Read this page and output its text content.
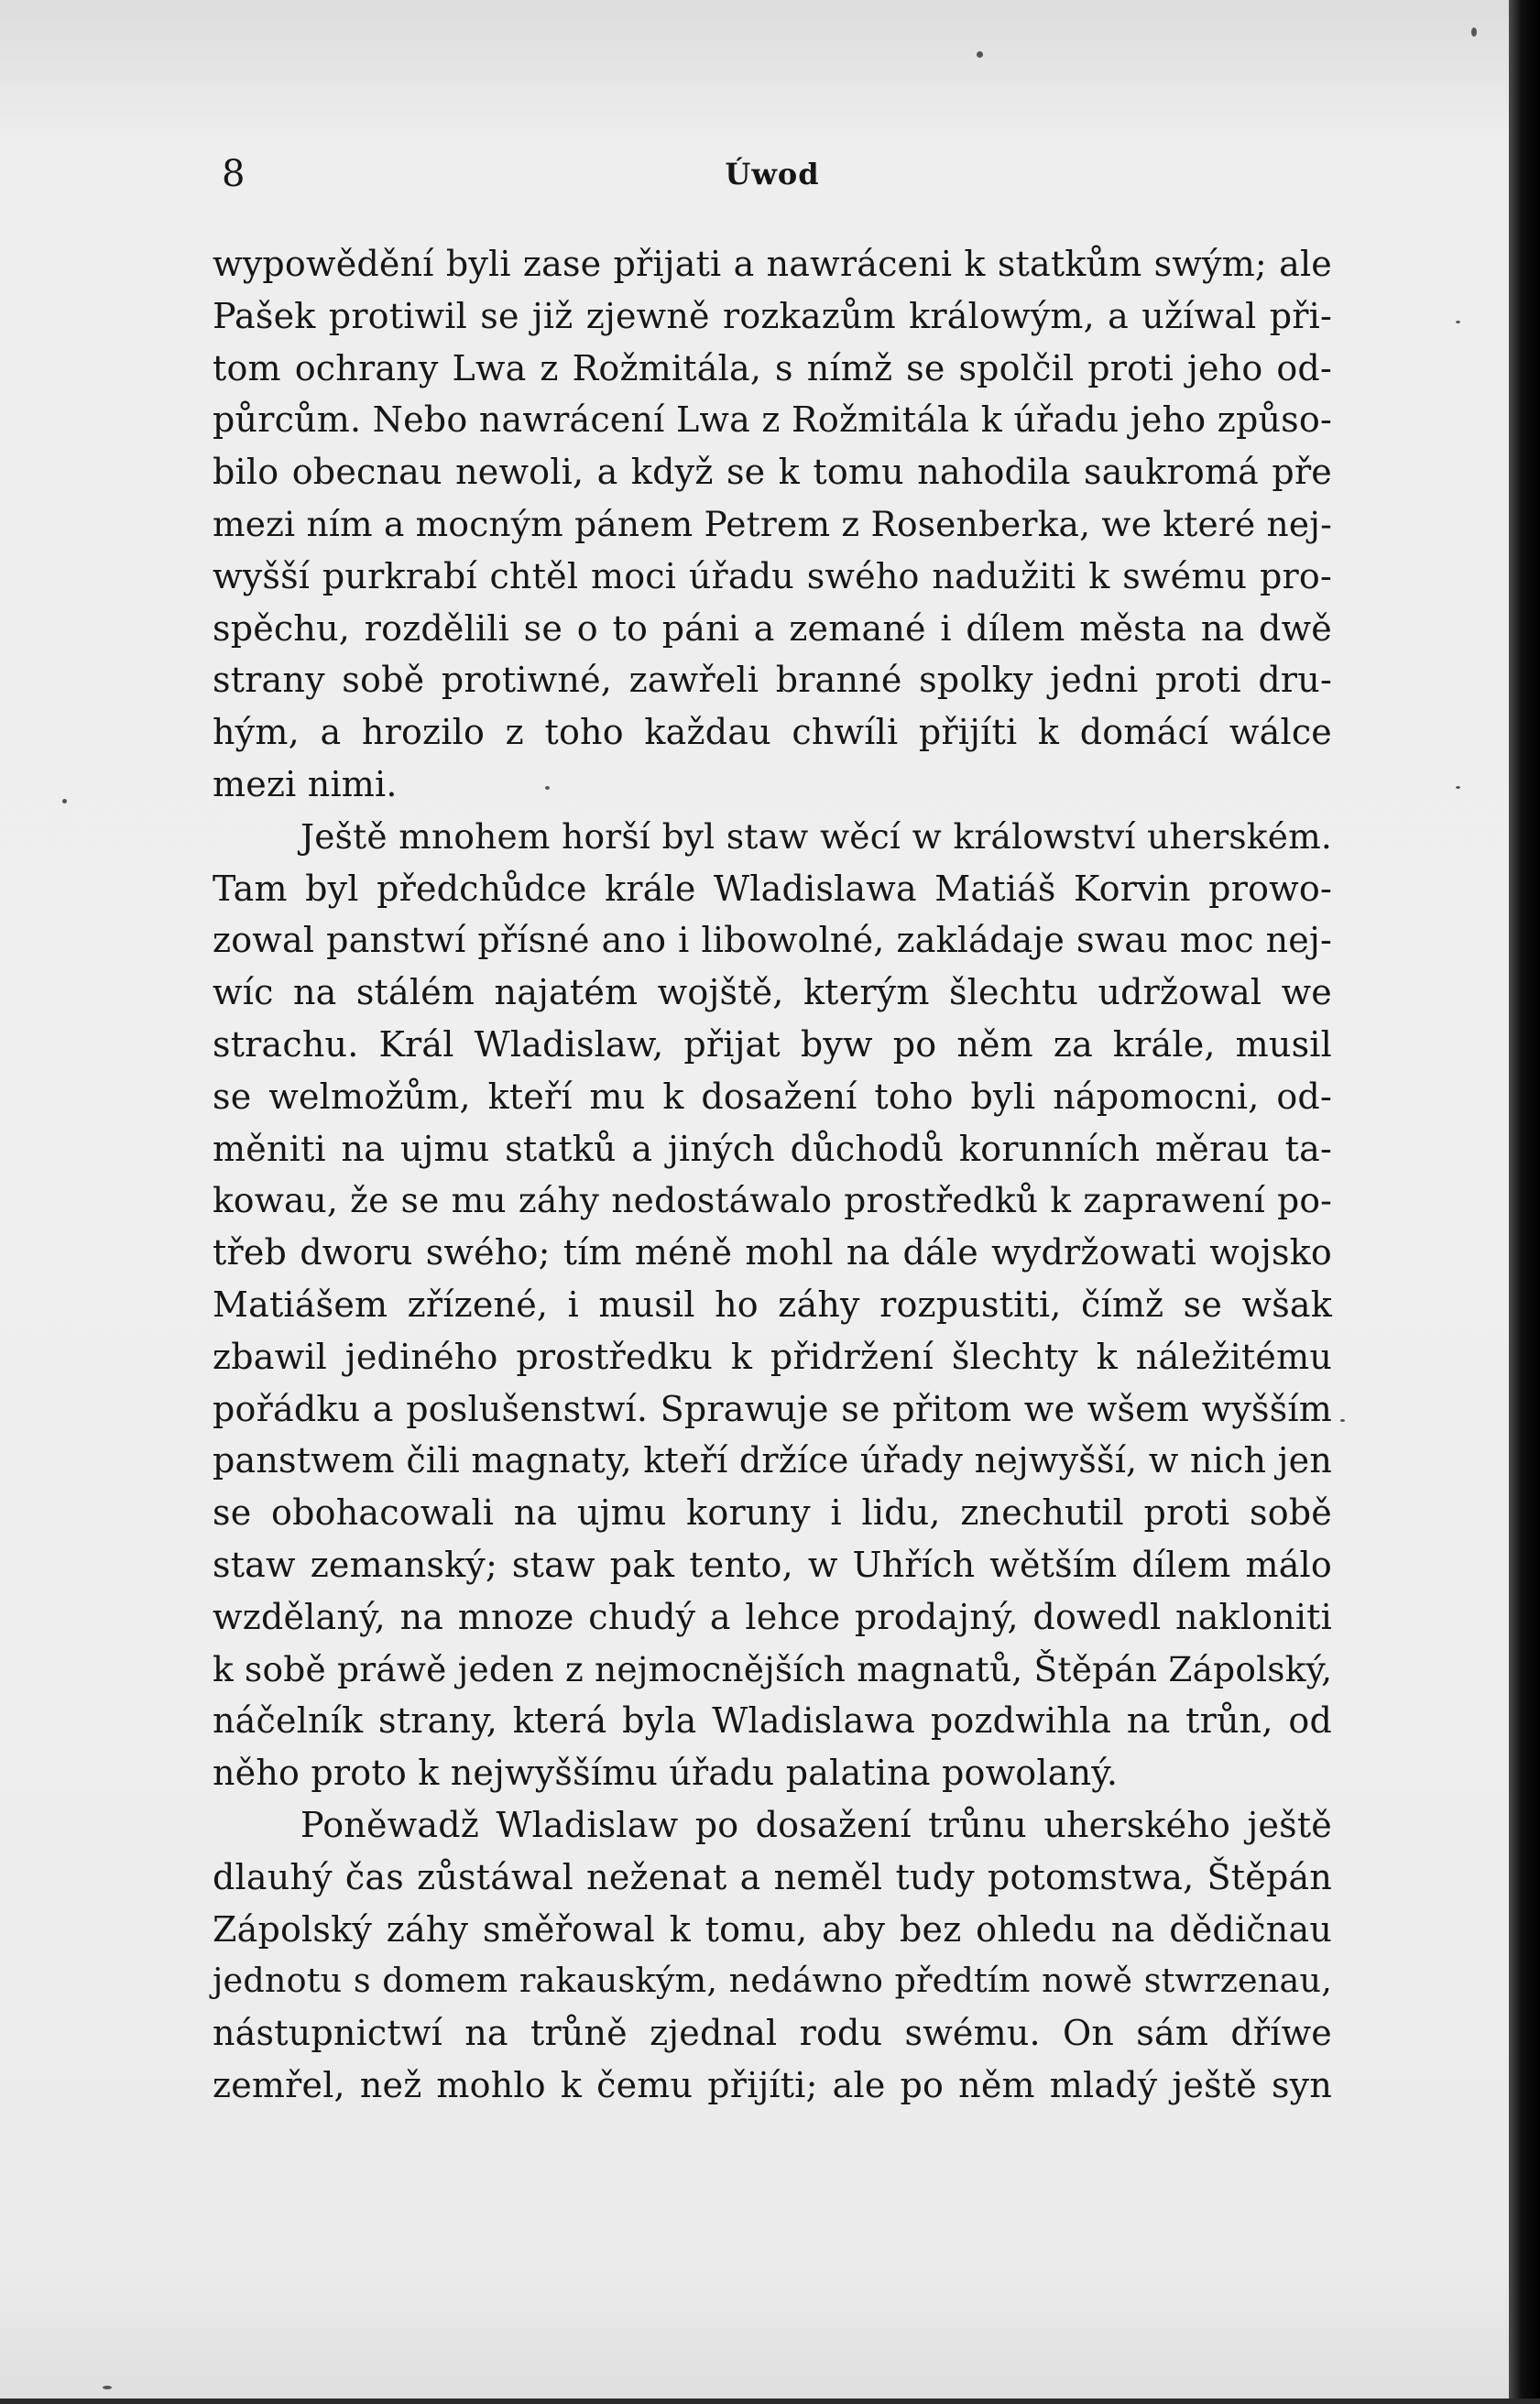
8	Úwod
wypowědění byli zase přijati a nawráceni k statkům swým; ale
Pašek protiwil se již zjewně rozkazům králowým, a užíwal při-
tom ochrany Lwa z Rožmitála, s nímž se spolčil proti jeho od-
půrcům. Nebo nawrácení Lwa z Rožmitála k úřadu jeho způso-
bilo obecnau newoli, a když se k tomu nahodila saukromá pře
mezi ním a mocným pánem Petrem z Rosenberka, we které nej-
wyšší purkrabí chtěl moci úřadu swého nadužiti k swému pro-
spěchu, rozdělili se o to páni a zemané i dílem města na dwě
strany sobě protiwné, zawřeli branné spolky jedni proti dru-
hým, a hrozilo z toho každau chwíli přijíti k domácí wálce
mezi nimi.
Ještě mnohem horší byl staw wěcí w králowství uherském.
Tam byl předchůdce krále Wladislawa Matiáš Korvin prowo-
zowal panstwí přísné ano i libowolné, zakládaje swau moc nej-
wíc na stálém najatém wojště, kterým šlechtu udržowal we
strachu. Král Wladislaw, přijat byw po něm za krále, musil
se welmožům, kteří mu k dosažení toho byli nápomocni, od-
měniti na ujmu statků a jiných důchodů korunních měrau ta-
kowau, že se mu záhy nedostáwalo prostředků k zaprawení po-
třeb dworu swého; tím méně mohl na dále wydržowati wojsko
Matiášem zřízené, i musil ho záhy rozpustiti, čímž se wšak
zbawil jediného prostředku k přidržení šlechty k náležitému
pořádku a poslušenstwí. Sprawuje se přitom we wšem wyšším
panstwem čili magnaty, kteří držíce úřady nejwyšší, w nich jen
se obohacowali na ujmu koruny i lidu, znechutil proti sobě
staw zemanský; staw pak tento, w Uhřích wětším dílem málo
wzdělaný, na mnoze chudý a lehce prodajný, dowedl nakloniti
k sobě práwě jeden z nejmocnějších magnatů, Štěpán Zápolský,
náčelník strany, která byla Wladislawa pozdwihla na trůn, od
něho proto k nejwyššímu úřadu palatina powolaný.
Poněwadž Wladislaw po dosažení trůnu uherského ještě
dlauhý čas zůstáwal neženat a neměl tudy potomstwa, Štěpán
Zápolský záhy směřowal k tomu, aby bez ohledu na dědičnau
jednotu s domem rakauským, nedáwno předtím nowě stwrzenau,
nástupnictwí na trůně zjednal rodu swému. On sám dříwe
zemřel, než mohlo k čemu přijíti; ale po něm mladý ještě syn
